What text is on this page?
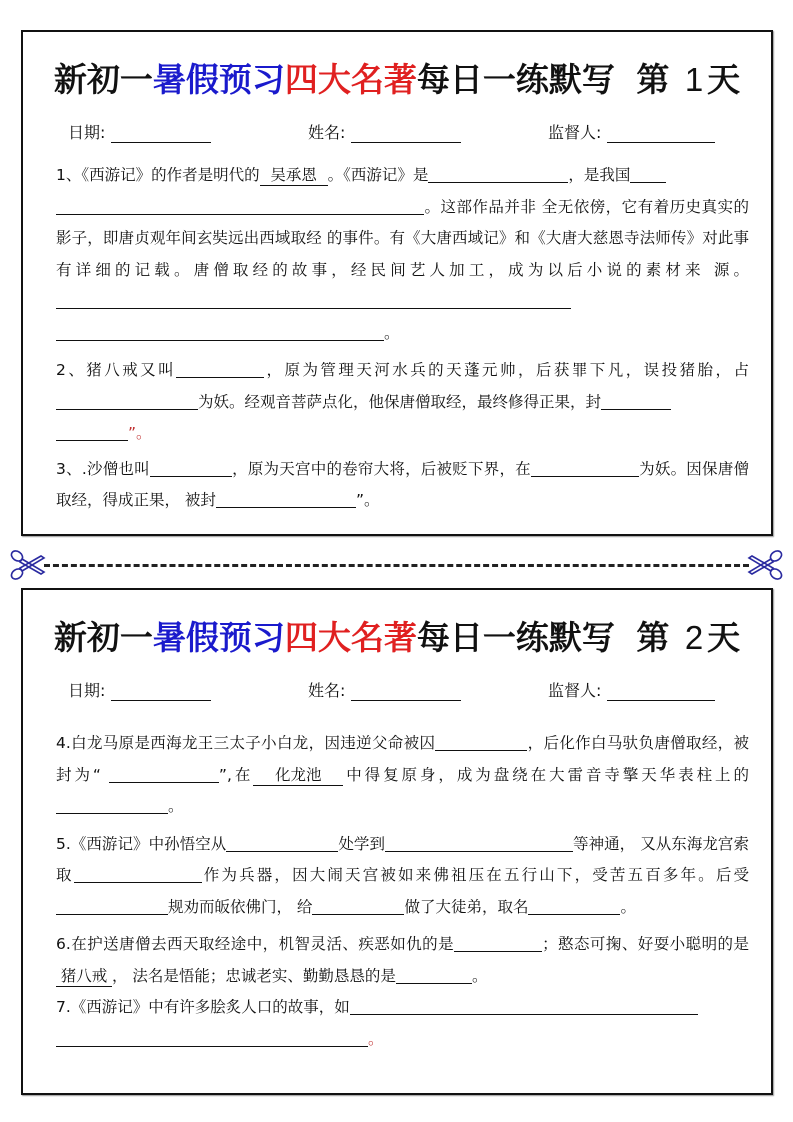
新初一暑假预习四大名著每日一练默写 第 1 天
日期:	姓名:	监督人:

1、《西游记》的作者是明代的 吴承恩 。《西游记》是	，是我国
。这部作品并非 全无依傍，它有着历史真实的 影子，即唐贞观年间玄奘远出西域取经 的事件。有《大唐西域记》和《大唐大慈恩寺法师传》对此事有详细的记载。唐僧取经的故事，经民间艺人加工，成为以后小说的素材来 源。
。

2、猪八戒又叫	，原为管理天河水兵的天蓬元帅，后获罪下凡，误投猪胎，占为妖。经观音菩萨点化，他保唐僧取经，最终修得正果，封
”。

3、.沙僧也叫	，原为天宫中的卷帘大将，后被贬下界，在	为妖。因保唐僧取经，得成正果， 被封	”。

新初一暑假预习四大名著每日一练默写 第 2 天
日期:	姓名:	监督人:

4.白龙马原是西海龙王三太子小白龙，因违逆父命被囚	，后化作白马驮负唐僧取经，被封为“	”,在 化龙池 中得复原身，成为盘绕在大雷音寺擎天华表柱上的。

5.《西游记》中孙悟空从	处学到	等神通， 又从东海龙宫索取	作为兵器，因大闹天宫被如来佛祖压在五行山下，受苦五百多年。后受规劝而皈依佛门， 给	做了大徒弟，取名	。

6.在护送唐僧去西天取经途中，机智灵活、疾恶如仇的是	；憨态可掬、好耍小聪明的是猪八戒 ， 法名是悟能；忠诚老实、勤勤恳恳的是	。

7.《西游记》中有许多脍炙人口的故事，如
。
